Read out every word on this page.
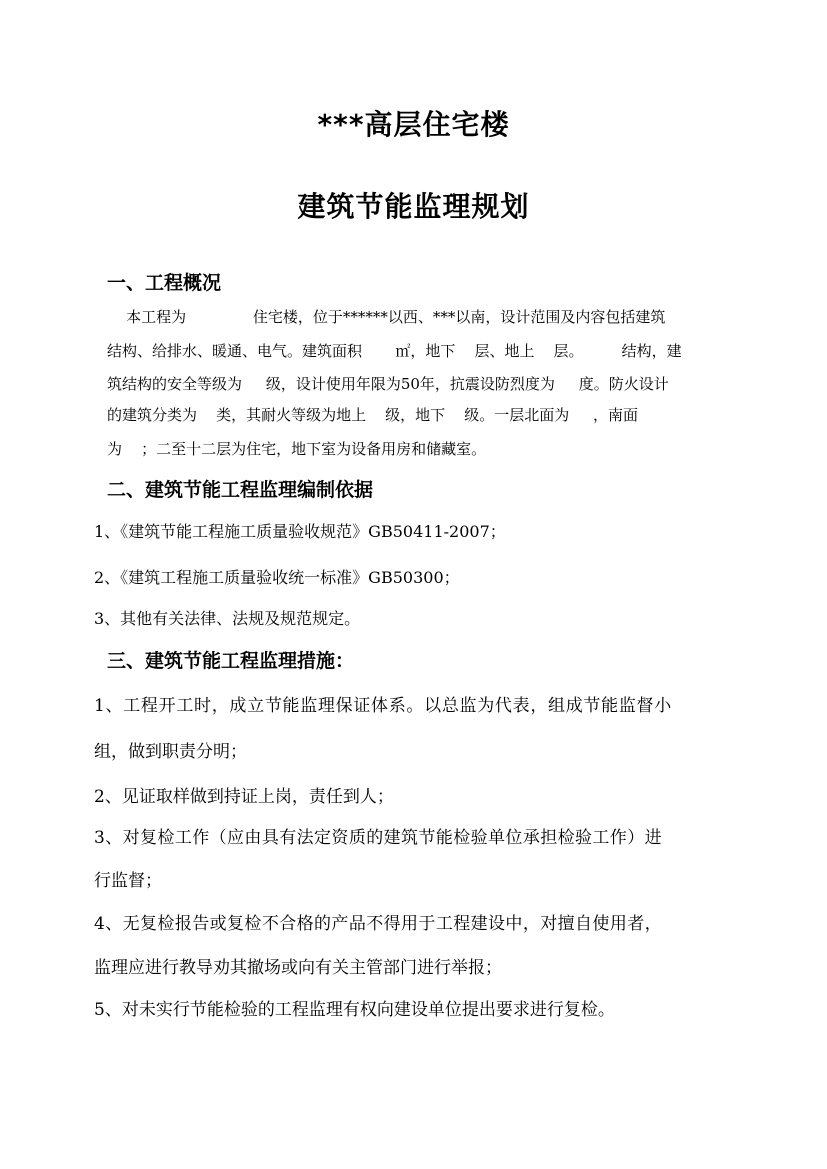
***高层住宅楼
建筑节能监理规划
一、工程概况
本工程为              住宅楼，位于******以西、***以南，设计范围及内容包括建筑
结构、给排水、暖通、电气。建筑面积       ㎡，地下    层、地上    层。        结构，建
筑结构的安全等级为     级，设计使用年限为50年，抗震设防烈度为     度。防火设计
的建筑分类为    类，其耐火等级为地上    级，地下    级。一层北面为     ，南面
为    ；二至十二层为住宅，地下室为设备用房和储藏室。
二、建筑节能工程监理编制依据
1、《建筑节能工程施工质量验收规范》GB50411-2007；
2、《建筑工程施工质量验收统一标准》GB50300；
3、其他有关法律、法规及规范规定。
三、建筑节能工程监理措施：
1、工程开工时，成立节能监理保证体系。以总监为代表，组成节能监督小
组，做到职责分明；
2、见证取样做到持证上岗，责任到人；
3、对复检工作（应由具有法定资质的建筑节能检验单位承担检验工作）进
行监督；
4、无复检报告或复检不合格的产品不得用于工程建设中，对擅自使用者，
监理应进行教导劝其撤场或向有关主管部门进行举报；
5、对未实行节能检验的工程监理有权向建设单位提出要求进行复检。
